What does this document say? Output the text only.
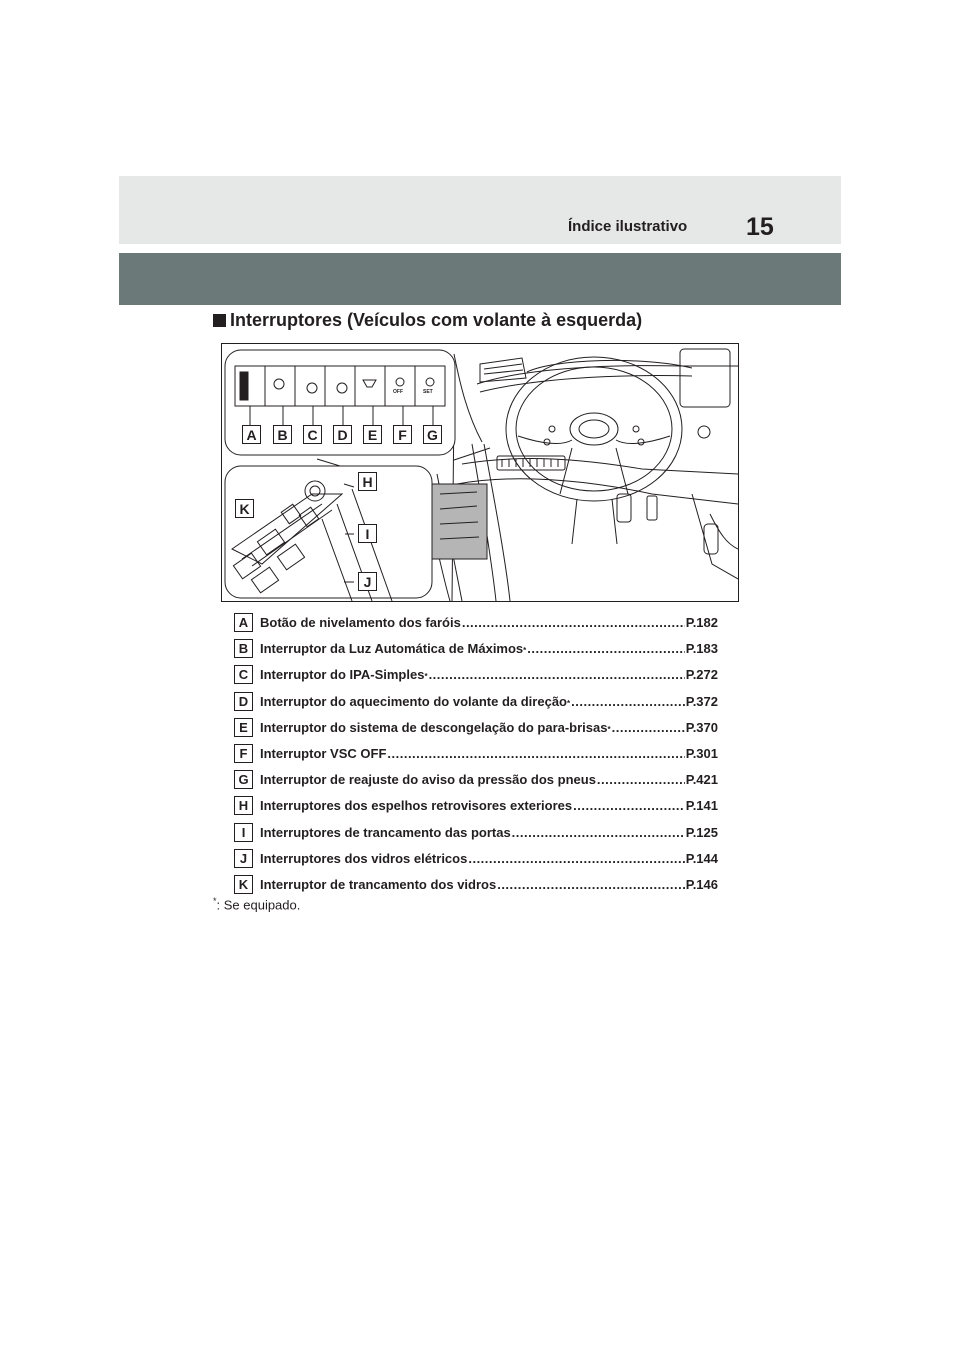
Índice ilustrativo 15
Interruptores (Veículos com volante à esquerda)
A	B	C	D	E	F	G
H
I
J
K
OFF	SET
A Botão de nivelamento dos faróis .....	P.182
B Interruptor da Luz Automática de Máximos * .....	P.183
C Interruptor do IPA-Simples * .....	P.272
D Interruptor do aquecimento do volante da direção * .....	P.372
E Interruptor do sistema de descongelação do para-brisas * .....	P.370
F Interruptor VSC OFF .....	P.301
G Interruptor de reajuste do aviso da pressão dos pneus .....	P.421
H Interruptores dos espelhos retrovisores exteriores .....	P.141
I	Interruptores de trancamento das portas .....	P.125
J Interruptores dos vidros elétricos .....	P.144
K Interruptor de trancamento dos vidros .....	P.146
*: Se equipado.
